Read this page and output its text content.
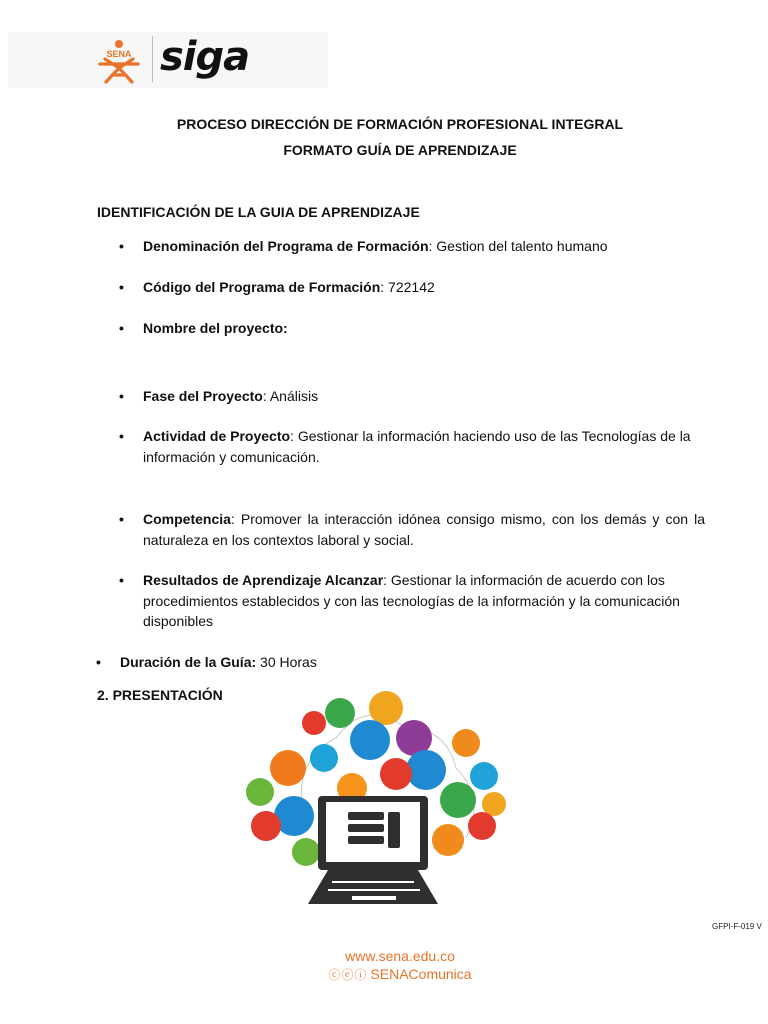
SENA siga
PROCESO DIRECCIÓN DE FORMACIÓN PROFESIONAL INTEGRAL
FORMATO GUÍA DE APRENDIZAJE
IDENTIFICACIÓN DE LA GUIA DE APRENDIZAJE
• Denominación del Programa de Formación: Gestion del talento humano
• Código del Programa de Formación: 722142
• Nombre del proyecto:
• Fase del Proyecto: Análisis
• Actividad de Proyecto: Gestionar la información haciendo uso de las Tecnologías de la información y comunicación.
• Competencia: Promover la interacción idónea consigo mismo, con los demás y con la naturaleza en los contextos laboral y social.
• Resultados de Aprendizaje Alcanzar: Gestionar la información de acuerdo con los procedimientos establecidos y con las tecnologías de la información y la comunicación disponibles
• Duración de la Guía: 30 Horas
2. PRESENTACIÓN
GFPI-F-019 V
www.sena.edu.co
ⓒⓔⓘ SENAComunica
